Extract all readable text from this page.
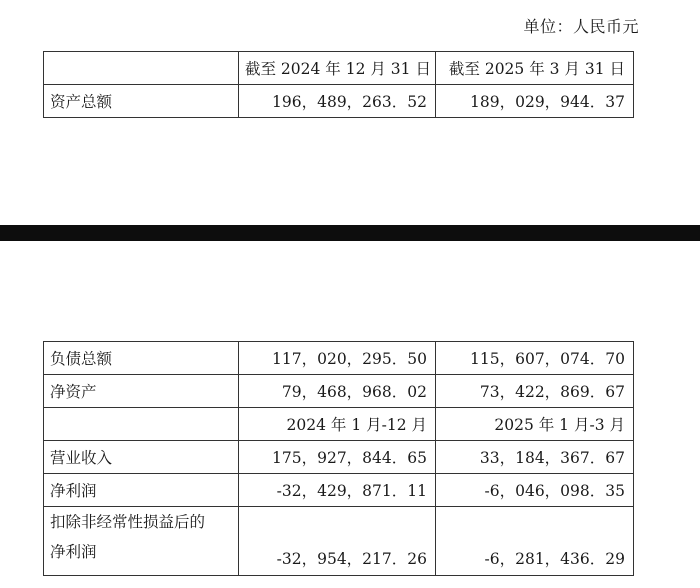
单位：人民币元
	截至 2024 年 12 月 31 日	截至 2025 年 3 月 31 日
资产总额	196，489，263．52	189，029，944．37
负债总额	117，020，295．50	115，607，074．70
净资产	79，468，968．02	73，422，869．67
	2024 年 1 月-12 月	2025 年 1 月-3 月
营业收入	175，927，844．65	33，184，367．67
净利润	-32，429，871．11	-6，046，098．35

扣除非经常性损益后的
净利润	-32，954，217．26	-6，281，436．29
